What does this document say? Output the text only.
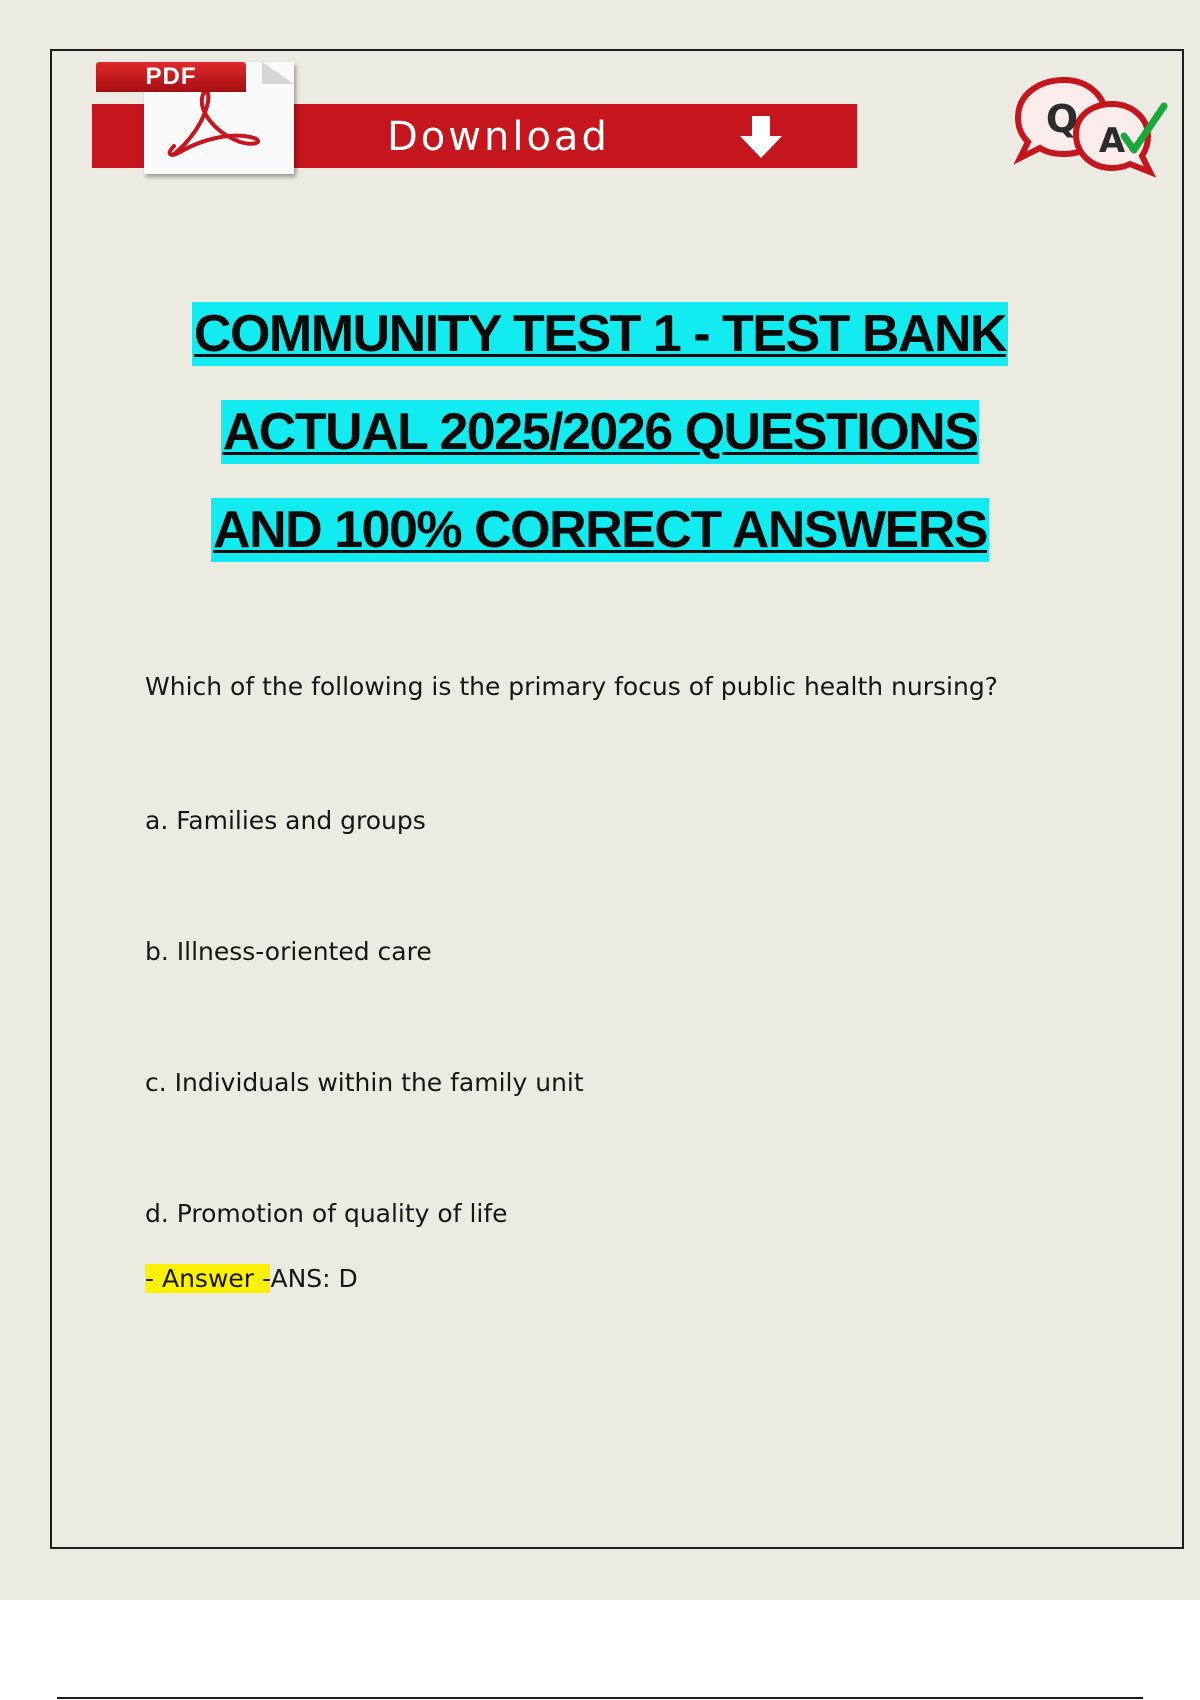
PDF
Download	Q A
COMMUNITY TEST 1 - TEST BANK
ACTUAL 2025/2026 QUESTIONS
AND 100% CORRECT ANSWERS
Which of the following is the primary focus of public health nursing?
a. Families and groups
b. Illness-oriented care
c. Individuals within the family unit
d. Promotion of quality of life
- Answer -ANS: D
